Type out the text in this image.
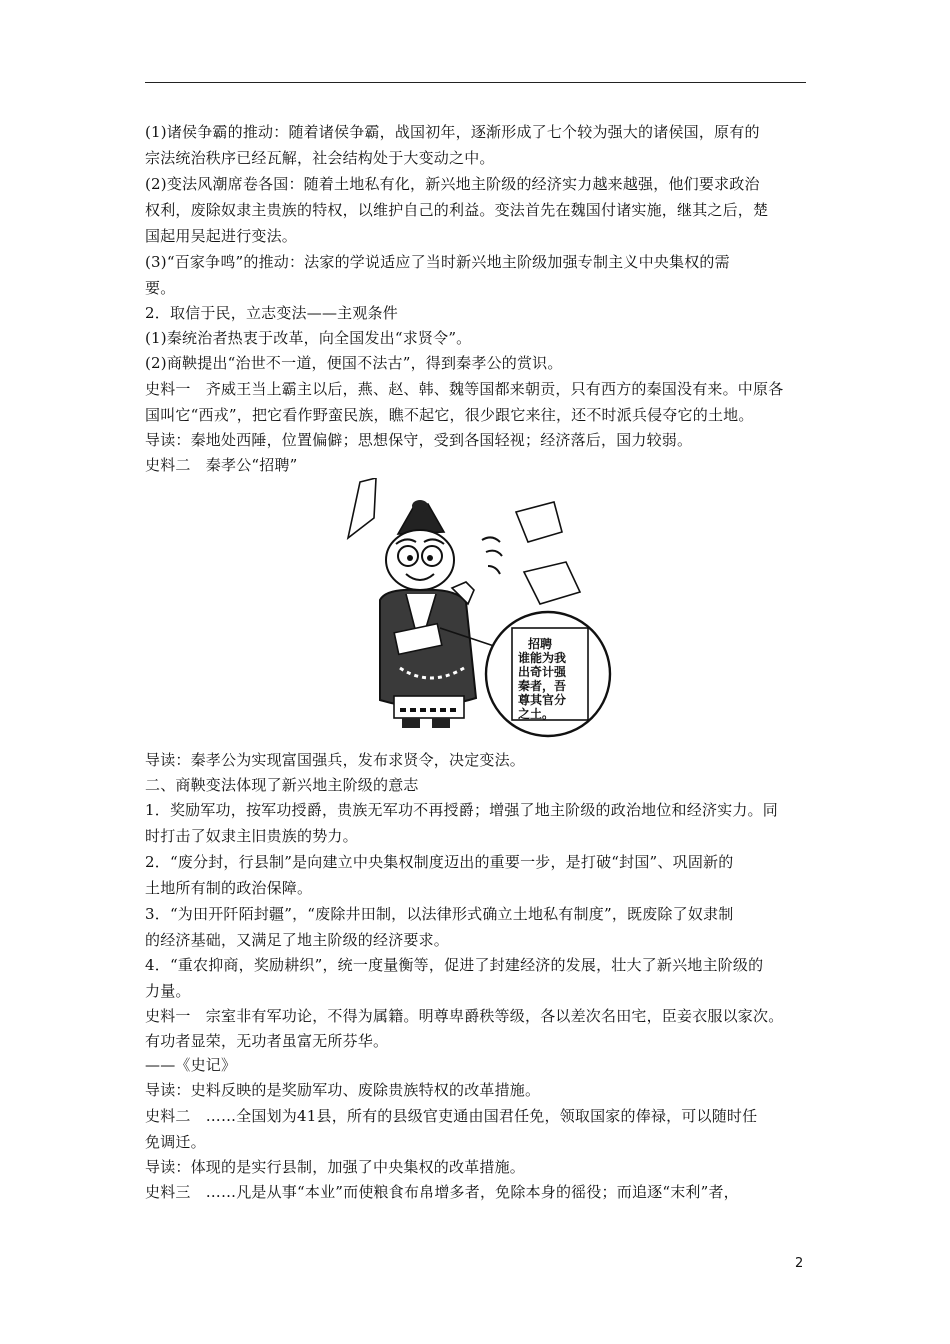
(1)诸侯争霸的推动：随着诸侯争霸，战国初年，逐渐形成了七个较为强大的诸侯国，原有的
宗法统治秩序已经瓦解，社会结构处于大变动之中。
(2)变法风潮席卷各国：随着土地私有化，新兴地主阶级的经济实力越来越强，他们要求政治
权利，废除奴隶主贵族的特权，以维护自己的利益。变法首先在魏国付诸实施，继其之后，楚
国起用吴起进行变法。
(3)“百家争鸣”的推动：法家的学说适应了当时新兴地主阶级加强专制主义中央集权的需
要。
2．取信于民，立志变法——主观条件
(1)秦统治者热衷于改革，向全国发出“求贤令”。
(2)商鞅提出“治世不一道，便国不法古”，得到秦孝公的赏识。
史料一　齐威王当上霸主以后，燕、赵、韩、魏等国都来朝贡，只有西方的秦国没有来。中原各
国叫它“西戎”，把它看作野蛮民族，瞧不起它，很少跟它来往，还不时派兵侵夺它的土地。
导读：秦地处西陲，位置偏僻；思想保守，受到各国轻视；经济落后，国力较弱。
史料二　秦孝公“招聘”
导读：秦孝公为实现富国强兵，发布求贤令，决定变法。
二、商鞅变法体现了新兴地主阶级的意志
1．奖励军功，按军功授爵，贵族无军功不再授爵；增强了地主阶级的政治地位和经济实力。同
时打击了奴隶主旧贵族的势力。
2．“废分封，行县制”是向建立中央集权制度迈出的重要一步，是打破“封国”、巩固新的
土地所有制的政治保障。
3．“为田开阡陌封疆”，“废除井田制，以法律形式确立土地私有制度”，既废除了奴隶制
的经济基础，又满足了地主阶级的经济要求。
4．“重农抑商，奖励耕织”，统一度量衡等，促进了封建经济的发展，壮大了新兴地主阶级的
力量。
史料一　宗室非有军功论，不得为属籍。明尊卑爵秩等级，各以差次名田宅，臣妾衣服以家次。
有功者显荣，无功者虽富无所芬华。
——《史记》
导读：史料反映的是奖励军功、废除贵族特权的改革措施。
史料二　……全国划为41县，所有的县级官吏通由国君任免，领取国家的俸禄，可以随时任
免调迁。
导读：体现的是实行县制，加强了中央集权的改革措施。
史料三　……凡是从事“本业”而使粮食布帛增多者，免除本身的徭役；而追逐“末利”者，
招聘
谁能为我
出奇计强
秦者，吾
尊其官分
之土。
2
